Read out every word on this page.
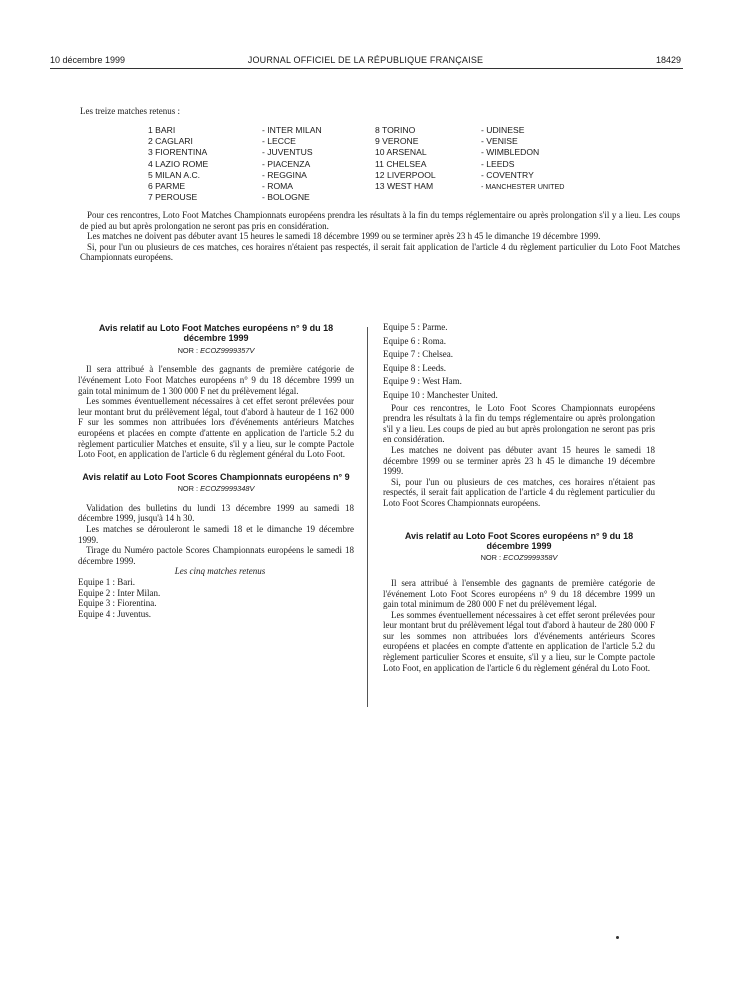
10 décembre 1999	JOURNAL OFFICIEL DE LA RÉPUBLIQUE FRANÇAISE	18429
Les treize matches retenus :
1 BARI
2 CAGLARI
3 FIORENTINA
4 LAZIO ROME
5 MILAN A.C.
6 PARME
7 PEROUSE
- INTER MILAN
- LECCE
- JUVENTUS
- PIACENZA
- REGGINA
- ROMA
- BOLOGNE
8 TORINO
9 VERONE
10 ARSENAL
11 CHELSEA
12 LIVERPOOL
13 WEST HAM
- UDINESE
- VENISE
- WIMBLEDON
- LEEDS
- COVENTRY
- MANCHESTER UNITED

Pour ces rencontres, Loto Foot Matches Championnats européens prendra les résultats à la fin du temps réglementaire ou après prolongation s'il y a lieu. Les coups de pied au but après prolongation ne seront pas pris en considération.

Les matches ne doivent pas débuter avant 15 heures le samedi 18 décembre 1999 ou se terminer après 23 h 45 le dimanche 19 décembre 1999.

Si, pour l'un ou plusieurs de ces matches, ces horaires n'étaient pas respectés, il serait fait application de l'article 4 du règlement particulier du Loto Foot Matches Championnats européens.

Avis relatif au Loto Foot Matches européens n° 9 du 18 décembre 1999
NOR : ECOZ9999357V

Il sera attribué à l'ensemble des gagnants de première catégorie de l'événement Loto Foot Matches européens n° 9 du 18 décembre 1999 un gain total minimum de 1 300 000 F net du prélèvement légal.

Les sommes éventuellement nécessaires à cet effet seront prélevées pour leur montant brut du prélèvement légal, tout d'abord à hauteur de 1 162 000 F sur les sommes non attribuées lors d'événements antérieurs Matches européens et placées en compte d'attente en application de l'article 5.2 du règlement particulier Matches et ensuite, s'il y a lieu, sur le compte Pactole Loto Foot, en application de l'article 6 du règlement général du Loto Foot.

Avis relatif au Loto Foot Scores Championnats européens n° 9
NOR : ECOZ9999348V

Validation des bulletins du lundi 13 décembre 1999 au samedi 18 décembre 1999, jusqu'à 14 h 30.

Les matches se dérouleront le samedi 18 et le dimanche 19 décembre 1999.

Tirage du Numéro pactole Scores Championnats européens le samedi 18 décembre 1999.

Les cinq matches retenus

Equipe 1 : Bari.

Equipe 2 : Inter Milan.

Equipe 3 : Fiorentina.

Equipe 4 : Juventus.

Equipe 5 : Parme.

Equipe 6 : Roma.

Equipe 7 : Chelsea.

Equipe 8 : Leeds.

Equipe 9 : West Ham.

Equipe 10 : Manchester United.

Pour ces rencontres, le Loto Foot Scores Championnats européens prendra les résultats à la fin du temps réglementaire ou après prolongation s'il y a lieu. Les coups de pied au but après prolongation ne seront pas pris en considération.

Les matches ne doivent pas débuter avant 15 heures le samedi 18 décembre 1999 ou se terminer après 23 h 45 le dimanche 19 décembre 1999.

Si, pour l'un ou plusieurs de ces matches, ces horaires n'étaient pas respectés, il serait fait application de l'article 4 du règlement particulier du Loto Foot Scores Championnats européens.

Avis relatif au Loto Foot Scores européens n° 9 du 18 décembre 1999
NOR : ECOZ9999358V

Il sera attribué à l'ensemble des gagnants de première catégorie de l'événement Loto Foot Scores européens n° 9 du 18 décembre 1999 un gain total minimum de 280 000 F net du prélèvement légal.

Les sommes éventuellement nécessaires à cet effet seront prélevées pour leur montant brut du prélèvement légal tout d'abord à hauteur de 280 000 F sur les sommes non attribuées lors d'événements antérieurs Scores européens et placées en compte d'attente en application de l'article 5.2 du règlement particulier Scores et ensuite, s'il y a lieu, sur le Compte pactole Loto Foot, en application de l'article 6 du règlement général du Loto Foot.
